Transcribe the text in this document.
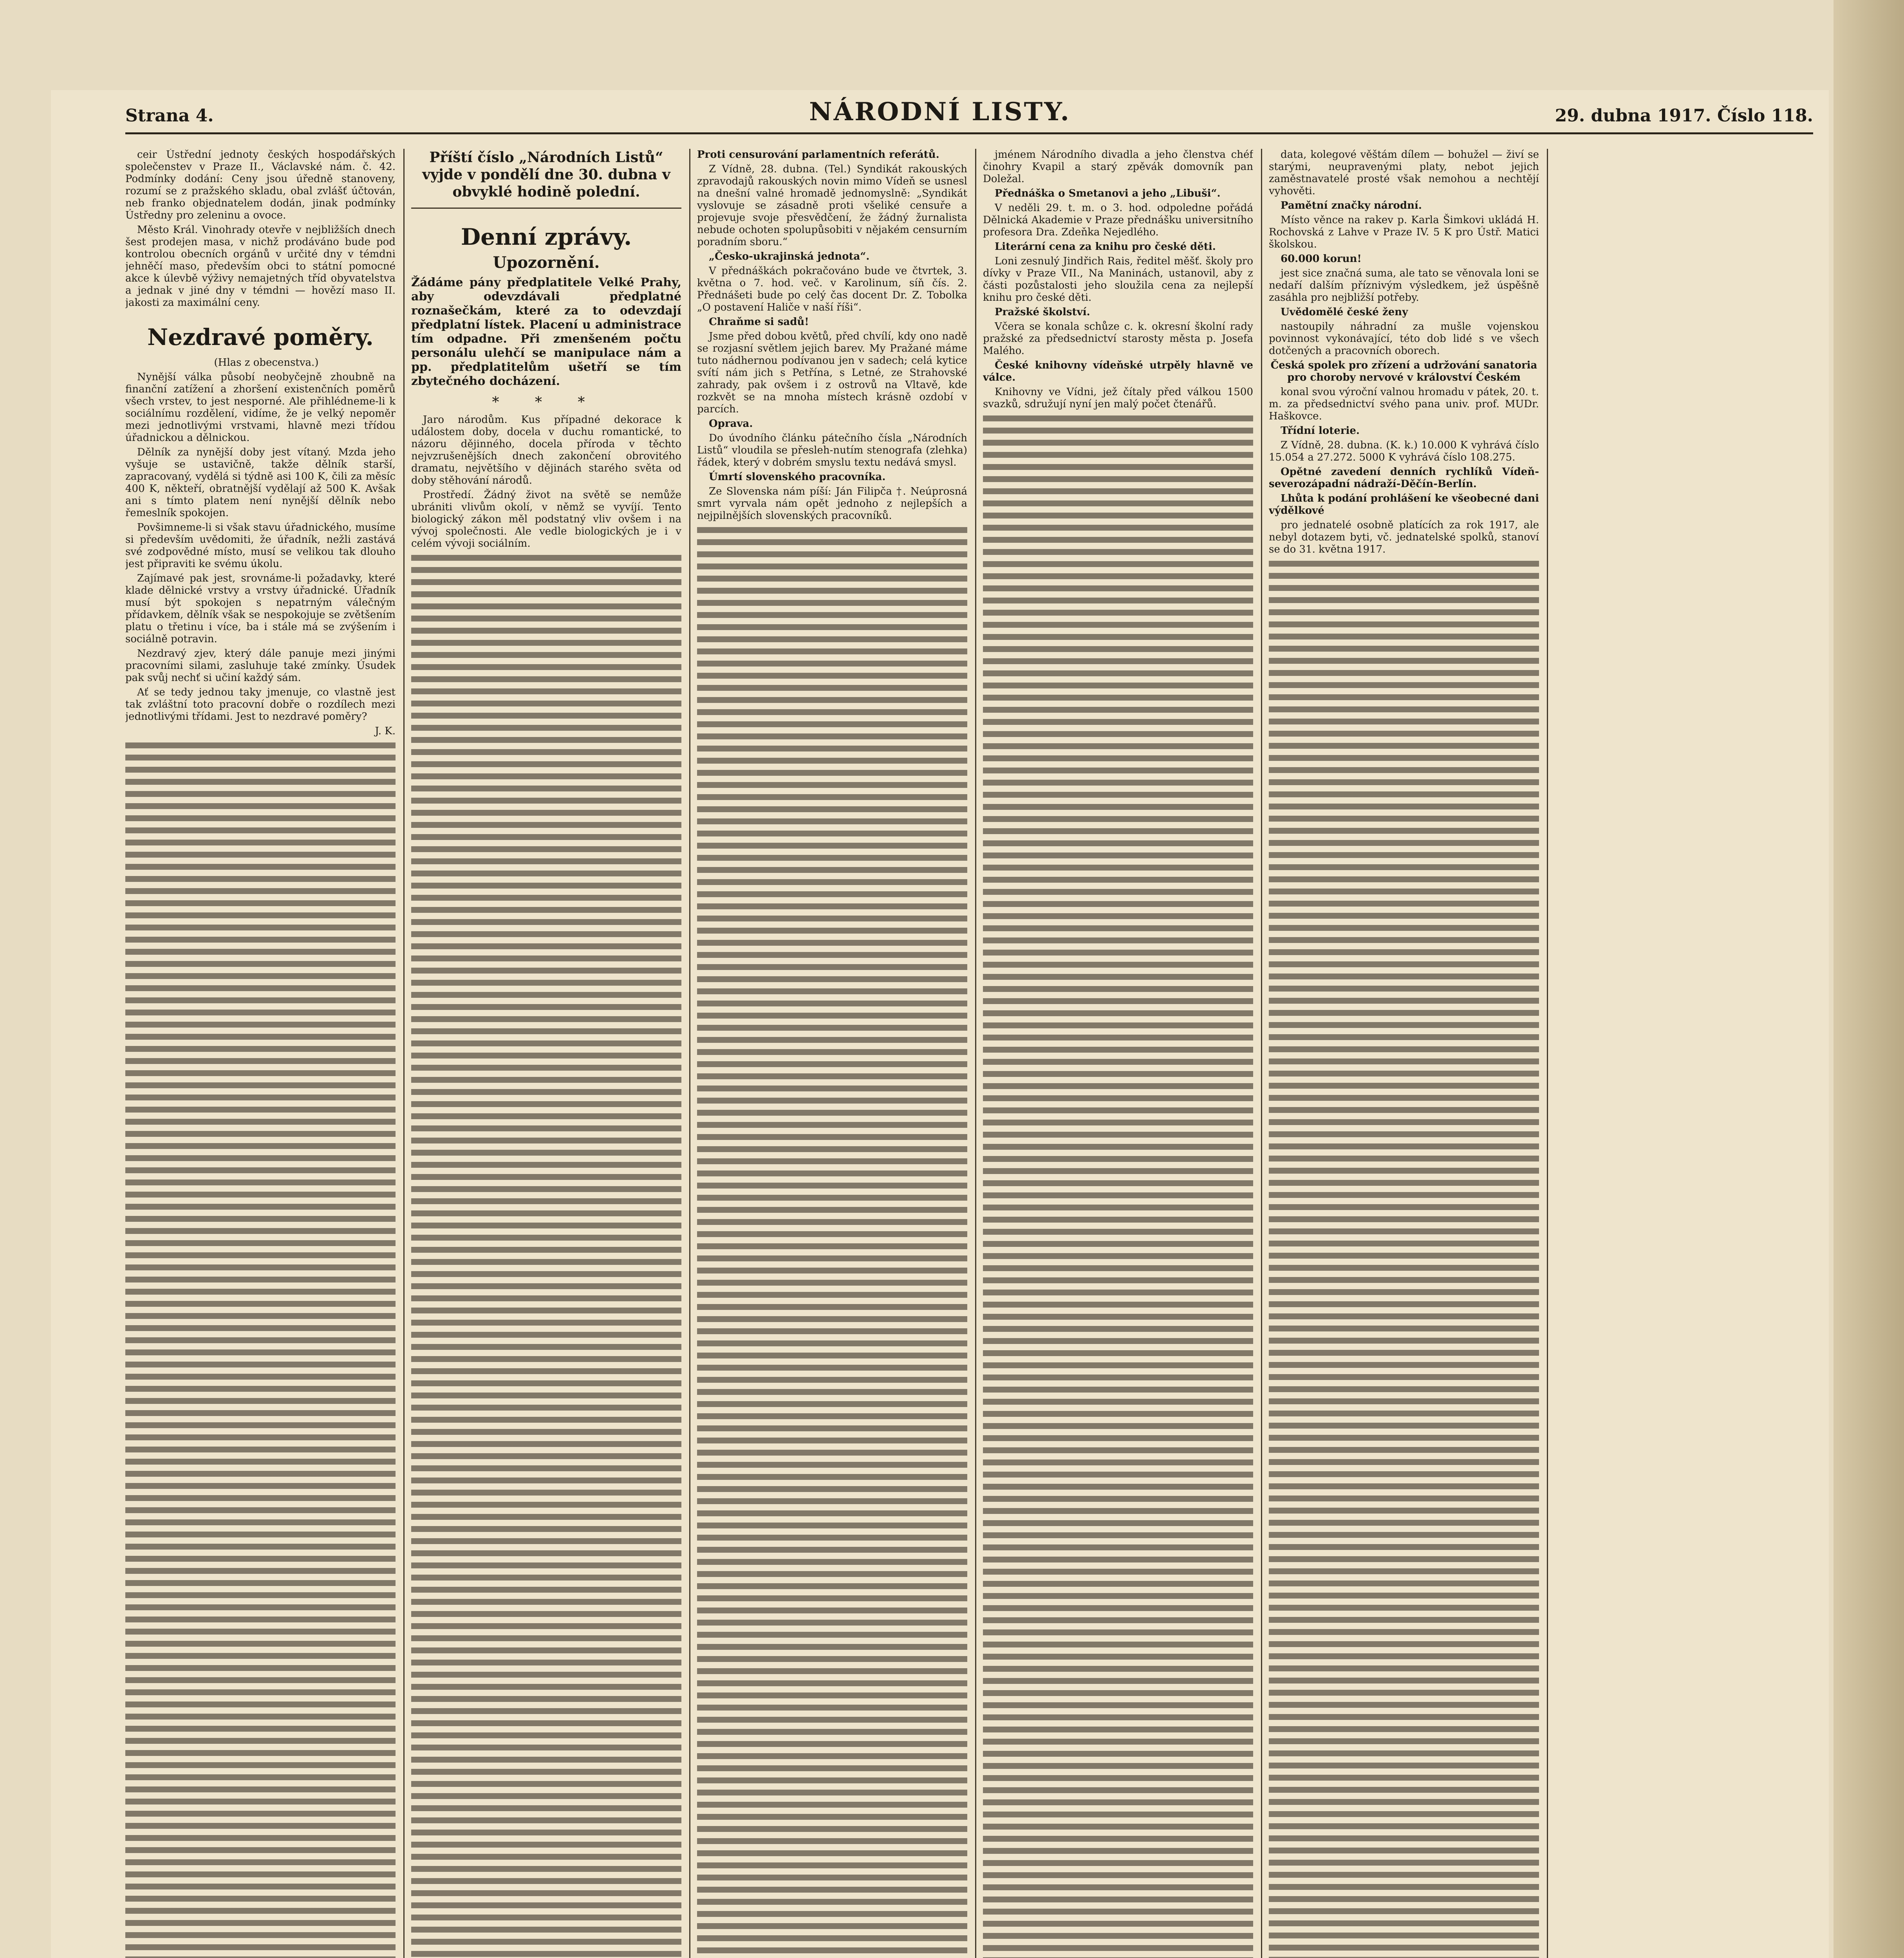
Strana 4.	NÁRODNÍ LISTY.	29. dubna 1917. Číslo 118.

ceir Ústřední jednoty českých hospodářských společenstev v Praze II., Václavské nám. č. 42. Podmínky dodání: Ceny jsou úředně stanoveny, rozumí se z pražského skladu, obal zvlášť účtován, neb franko objednatelem dodán, jinak podmínky Ústředny pro zeleninu a ovoce.

Město Král. Vinohrady otevře v nejbližších dnech šest prodejen masa, v nichž prodáváno bude pod kontrolou obecních orgánů v určité dny v témdni jehněčí maso, především obci to státní pomocné akce k úlevbě výživy nemajetných tříd obyvatelstva a jednak v jiné dny v témdni — hovězí maso II. jakosti za maximální ceny.

Nezdravé poměry.

(Hlas z obecenstva.)

Nynější válka působí neobyčejně zhoubně na finanční zatížení a zhoršení existenčních poměrů všech vrstev, to jest nesporné. Ale přihlédneme-li k sociálnímu rozdělení, vidíme, že je velký nepoměr mezi jednotlivými vrstvami, hlavně mezi třídou úřadnickou a dělnickou.

Dělník za nynější doby jest vítaný. Mzda jeho vyšuje se ustavičně, takže dělník starší, zapracovaný, vydělá si týdně asi 100 K, čili za měsíc 400 K, někteří, obratnější vydělají až 500 K. Avšak ani s tímto platem není nynější dělník nebo řemeslník spokojen.

Povšimneme-li si však stavu úřadnického, musíme si především uvědomiti, že úřadník, nežli zastává své zodpovědné místo, musí se velikou tak dlouho jest připraviti ke svému úkolu.

Zajímavé pak jest, srovnáme-li požadavky, které klade dělnické vrstvy a vrstvy úřadnické. Úřadník musí být spokojen s nepatrným válečným přídavkem, dělník však se nespokojuje se zvětšením platu o třetinu i více, ba i stále má se zvýšením i sociálně potravin.

Nezdravý zjev, který dále panuje mezi jinými pracovními silami, zasluhuje také zmínky. Úsudek pak svůj nechť si učiní každý sám.

Ať se tedy jednou taky jmenuje, co vlastně jest tak zvláštní toto pracovní dobře o rozdílech mezi jednotlivými třídami. Jest to nezdravé poměry?

J. K.

Příští číslo „Národních Listů“ vyjde v pondělí dne 30. dubna v obvyklé hodině polední.
Denní zprávy.
Upozornění.
Žádáme pány předplatitele Velké Prahy, aby odevzdávali předplatné roznašečkám, které za to odevzdají předplatní lístek. Placení u administrace tím odpadne. Při zmenšeném počtu personálu ulehčí se manipulace nám a pp. předplatitelům ušetří se tím zbytečného docházení.
* * *

Jaro národům. Kus případné dekorace k událostem doby, docela v duchu romantické, to názoru dějinného, docela příroda v těchto nejvzrušenějších dnech zakončení obrovitého dramatu, největšího v dějinách starého světa od doby stěhování národů.

Prostředí. Žádný život na světě se nemůže ubrániti vlivům okolí, v němž se vyvíjí. Tento biologický zákon měl podstatný vliv ovšem i na vývoj společnosti. Ale vedle biologických je i v celém vývoji sociálním.

Proti censurování parlamentních referátů.

Z Vídně, 28. dubna. (Tel.) Syndikát rakouských zpravodajů rakouských novin mimo Vídeň se usnesl na dnešní valné hromadě jednomyslně: „Syndikát vyslovuje se zásadně proti všeliké censuře a projevuje svoje přesvědčení, že žádný žurnalista nebude ochoten spolupůsobiti v nějakém censurním poradním sboru.“

„Česko-ukrajinská jednota“.

V přednáškách pokračováno bude ve čtvrtek, 3. května o 7. hod. več. v Karolinum, síň čís. 2. Přednášeti bude po celý čas docent Dr. Z. Tobolka „O postavení Haliče v naší říši“.

Chraňme si sadů!

Jsme před dobou květů, před chvílí, kdy ono nadě se rozjasní světlem jejich barev. My Pražané máme tuto nádhernou podívanou jen v sadech; celá kytice svítí nám jich s Petřína, s Letné, ze Strahovské zahrady, pak ovšem i z ostrovů na Vltavě, kde rozkvět se na mnoha místech krásně ozdobí v parcích.

Oprava.

Do úvodního článku pátečního čísla „Národních Listů“ vloudila se přesleh-nutím stenografa (zlehka) řádek, který v dobrém smyslu textu nedává smysl.

Úmrtí slovenského pracovníka.

Ze Slovenska nám píší: Ján Filipča †. Neúprosná smrt vyrvala nám opět jednoho z nejlepších a nejpilnějších slovenských pracovníků.

jménem Národního divadla a jeho členstva chéf činohry Kvapil a starý zpěvák domovník pan Doležal.

Přednáška o Smetanovi a jeho „Libuši“.

V neděli 29. t. m. o 3. hod. odpoledne pořádá Dělnická Akademie v Praze přednášku universitního profesora Dra. Zdeňka Nejedlého.

Literární cena za knihu pro české děti.

Loni zesnulý Jindřich Rais, ředitel měšť. školy pro dívky v Praze VII., Na Maninách, ustanovil, aby z části pozůstalosti jeho sloužila cena za nejlepší knihu pro české děti.

Pražské školství.

Včera se konala schůze c. k. okresní školní rady pražské za předsednictví starosty města p. Josefa Malého.

České knihovny vídeňské utrpěly hlavně ve válce.

Knihovny ve Vídni, jež čítaly před válkou 1500 svazků, sdružují nyní jen malý počet čtenářů.

data, kolegové věštám dílem — bohužel — živí se starými, neupravenými platy, nebot jejich zaměstnavatelé prosté však nemohou a nechtějí vyhověti.

Pamětní značky národní.

Místo věnce na rakev p. Karla Šimkovi ukládá H. Rochovská z Lahve v Praze IV. 5 K pro Ústř. Matici školskou.

60.000 korun!

jest sice značná suma, ale tato se věnovala loni se nedaří dalším příznivým výsledkem, jež úspěšně zasáhla pro nejbližší potřeby.

Uvědomělé české ženy

nastoupily náhradní za mušle vojenskou povinnost vykonávající, této dob lidé s ve všech dotčených a pracovních oborech.

Česká spolek pro zřízení a udržování sanatoria pro choroby nervové v království Českém

konal svou výroční valnou hromadu v pátek, 20. t. m. za předsednictví svého pana univ. prof. MUDr. Haškovce.

Třídní loterie.

Z Vídně, 28. dubna. (K. k.) 10.000 K vyhrává číslo 15.054 a 27.272. 5000 K vyhrává číslo 108.275.

Opětné zavedení denních rychlíků Vídeň-severozápadní nádraží-Děčín-Berlín.

Lhůta k podání prohlášení ke všeobecné dani výdělkové

pro jednatelé osobně platících za rok 1917, ale nebyl dotazem byti, vč. jednatelské spolků, stanoví se do 31. května 1917.
